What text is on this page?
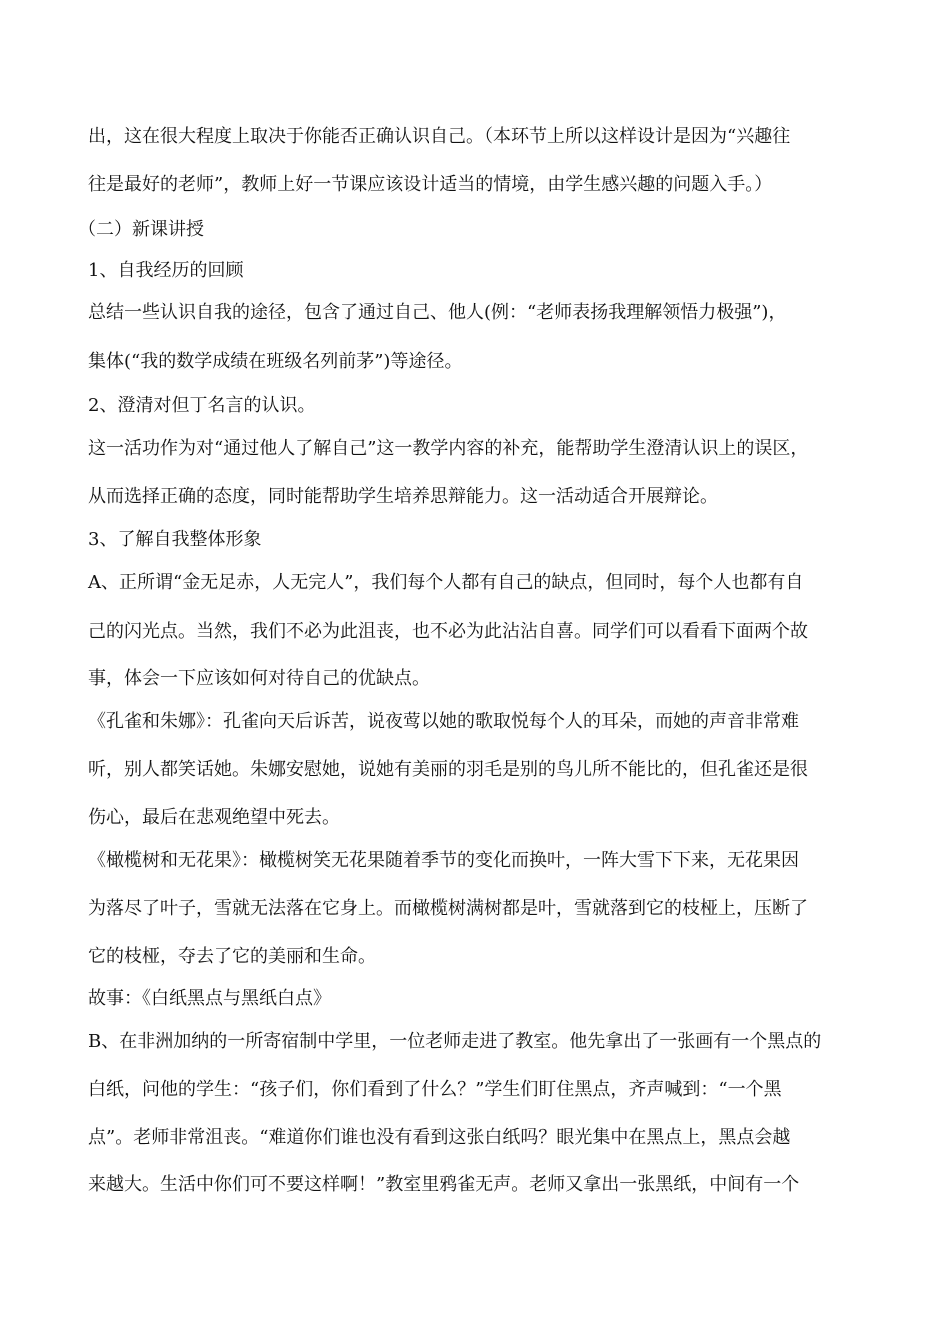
出，这在很大程度上取决于你能否正确认识自己。（本环节上所以这样设计是因为“兴趣往
往是最好的老师”，教师上好一节课应该设计适当的情境，由学生感兴趣的问题入手。）
（二）新课讲授
1、自我经历的回顾
总结一些认识自我的途径，包含了通过自己、他人(例：“老师表扬我理解领悟力极强”)，
集体(“我的数学成绩在班级名列前茅”)等途径。
2、澄清对但丁名言的认识。
这一活功作为对“通过他人了解自己”这一教学内容的补充，能帮助学生澄清认识上的误区，
从而选择正确的态度，同时能帮助学生培养思辩能力。这一活动适合开展辩论。
3、了解自我整体形象
A、正所谓“金无足赤，人无完人”，我们每个人都有自己的缺点，但同时，每个人也都有自
己的闪光点。当然，我们不必为此沮丧，也不必为此沾沾自喜。同学们可以看看下面两个故
事，体会一下应该如何对待自己的优缺点。
《孔雀和朱娜》：孔雀向天后诉苦，说夜莺以她的歌取悦每个人的耳朵，而她的声音非常难
听，别人都笑话她。朱娜安慰她，说她有美丽的羽毛是别的鸟儿所不能比的，但孔雀还是很
伤心，最后在悲观绝望中死去。
《橄榄树和无花果》：橄榄树笑无花果随着季节的变化而换叶，一阵大雪下下来，无花果因
为落尽了叶子，雪就无法落在它身上。而橄榄树满树都是叶，雪就落到它的枝桠上，压断了
它的枝桠，夺去了它的美丽和生命。
故事：《白纸黑点与黑纸白点》
B、在非洲加纳的一所寄宿制中学里，一位老师走进了教室。他先拿出了一张画有一个黑点的
白纸，问他的学生：“孩子们，你们看到了什么？”学生们盯住黑点，齐声喊到：“一个黑
点”。老师非常沮丧。“难道你们谁也没有看到这张白纸吗？眼光集中在黑点上，黑点会越
来越大。生活中你们可不要这样啊！”教室里鸦雀无声。老师又拿出一张黑纸，中间有一个
